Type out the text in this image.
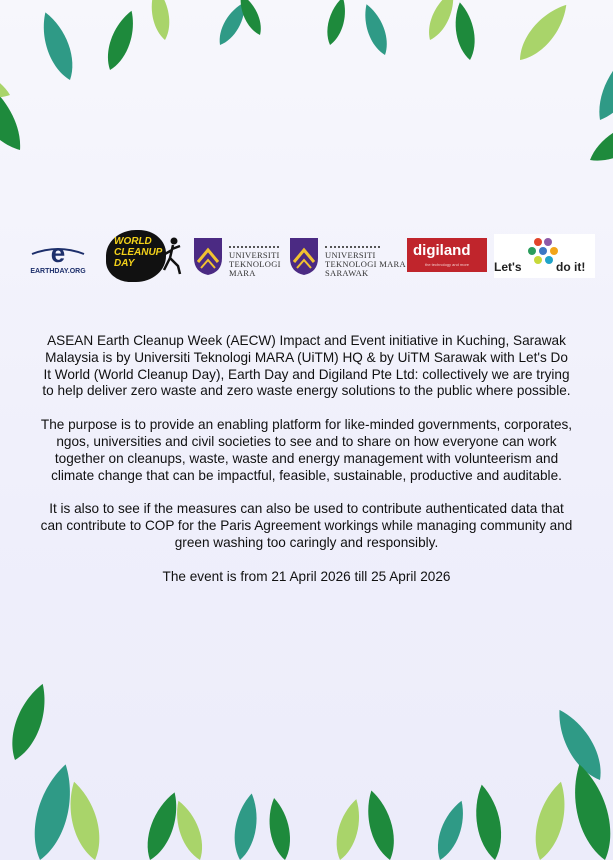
e
EARTHDAY.ORG
WORLD
CLEANUP
DAY
UNIVERSITI
TEKNOLOGI
MARA
UNIVERSITI
TEKNOLOGI MARA
SARAWAK
digiland
the technology and more Let's	do it!

ASEAN Earth Cleanup Week (AECW) Impact and Event initiative in Kuching, Sarawak Malaysia is by Universiti Teknologi MARA (UiTM) HQ & by UiTM Sarawak with Let's Do It World (World Cleanup Day), Earth Day and Digiland Pte Ltd: collectively we are trying to help deliver zero waste and zero waste energy solutions to the public where possible.

The purpose is to provide an enabling platform for like-minded governments, corporates, ngos, universities and civil societies to see and to share on how everyone can work together on cleanups, waste, waste and energy management with volunteerism and climate change that can be impactful, feasible, sustainable, productive and auditable.

It is also to see if the measures can also be used to contribute authenticated data that can contribute to COP for the Paris Agreement workings while managing community and green washing too caringly and responsibly.

The event is from 21 April 2026 till 25 April 2026
